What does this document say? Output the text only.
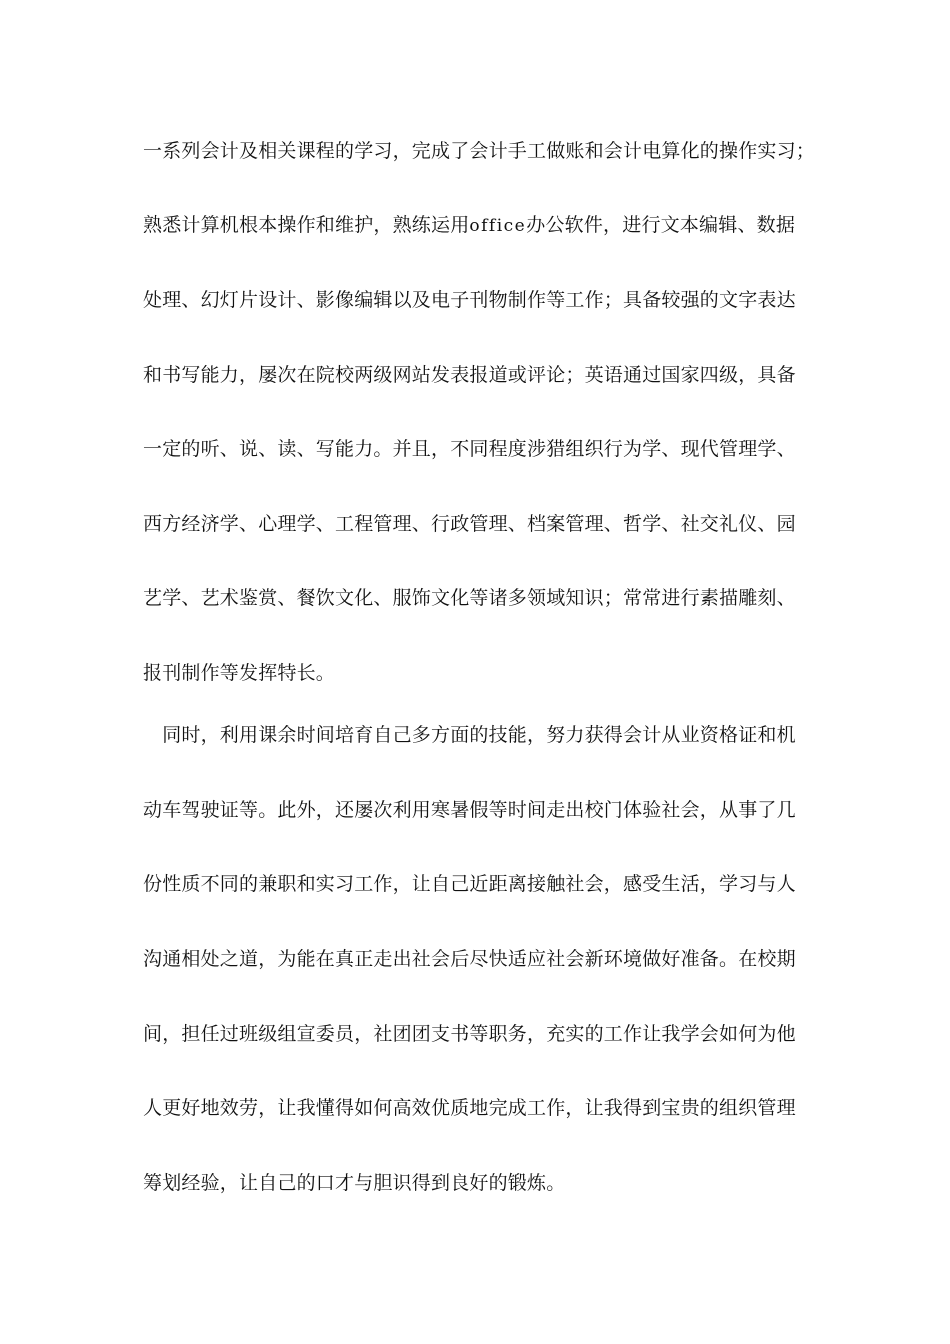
一系列会计及相关课程的学习，完成了会计手工做账和会计电算化的操作实习；
熟悉计算机根本操作和维护，熟练运用office办公软件，进行文本编辑、数据
处理、幻灯片设计、影像编辑以及电子刊物制作等工作；具备较强的文字表达
和书写能力，屡次在院校两级网站发表报道或评论；英语通过国家四级，具备
一定的听、说、读、写能力。并且，不同程度涉猎组织行为学、现代管理学、
西方经济学、心理学、工程管理、行政管理、档案管理、哲学、社交礼仪、园
艺学、艺术鉴赏、餐饮文化、服饰文化等诸多领域知识；常常进行素描雕刻、
报刊制作等发挥特长。
　同时，利用课余时间培育自己多方面的技能，努力获得会计从业资格证和机
动车驾驶证等。此外，还屡次利用寒暑假等时间走出校门体验社会，从事了几
份性质不同的兼职和实习工作，让自己近距离接触社会，感受生活，学习与人
沟通相处之道，为能在真正走出社会后尽快适应社会新环境做好准备。在校期
间，担任过班级组宣委员，社团团支书等职务，充实的工作让我学会如何为他
人更好地效劳，让我懂得如何高效优质地完成工作，让我得到宝贵的组织管理
筹划经验，让自己的口才与胆识得到良好的锻炼。
